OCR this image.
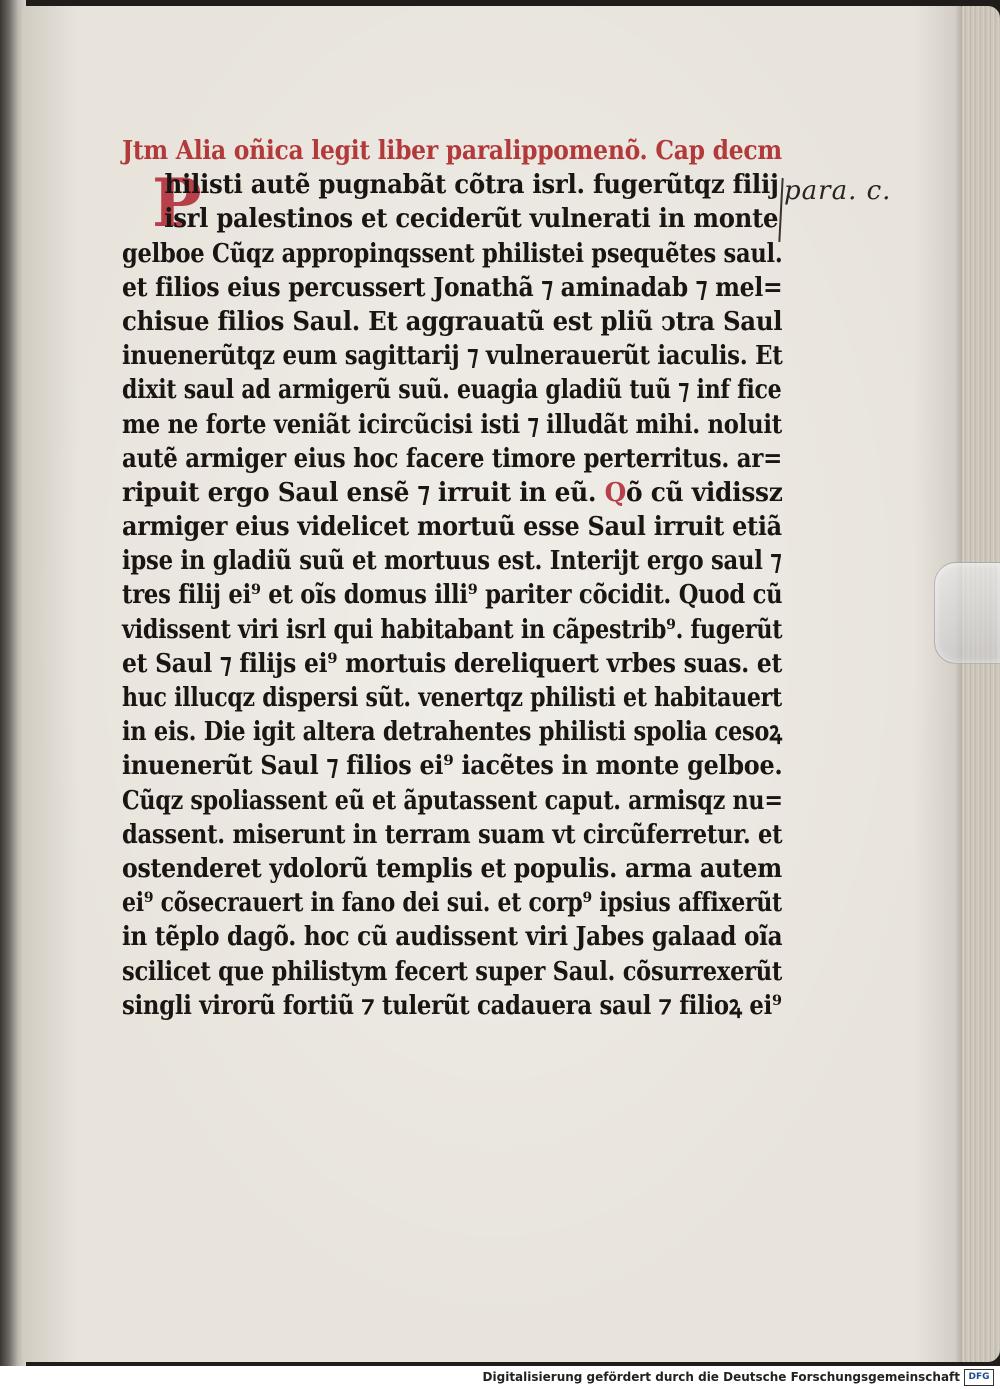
para. c.
Jtm Alia oñica legit liber paralippomenõ. Cap decm
P
hilisti autẽ pugnabãt cõtra isrl. fugerũtqz filij
isrl palestinos et ceciderũt vulnerati in monte
gelboe Cũqz appropinqssent philistei psequẽtes saul.
et filios eius percussert Jonathã ⁊ aminadab ⁊ mel=
chisue filios Saul. Et aggrauatũ est pliũ ↄtra Saul
inuenerũtqz eum sagittarij ⁊ vulnerauerũt iaculis. Et
dixit saul ad armigerũ suũ. euagia gladiũ tuũ ⁊ inf fice
me ne forte veniãt icircũcisi isti ⁊ illudãt mihi. noluit
autẽ armiger eius hoc facere timore perterritus. ar=
ripuit ergo Saul ensẽ ⁊ irruit in eũ. Qõ cũ vidissz
armiger eius videlicet mortuũ esse Saul irruit etiã
ipse in gladiũ suũ et mortuus est. Interijt ergo saul ⁊
tres filij ei⁹ et oĩs domus illi⁹ pariter cõcidit. Quod cũ
vidissent viri isrl qui habitabant in cãpestrib⁹. fugerũt
et Saul ⁊ filijs ei⁹ mortuis dereliquert vrbes suas. et
huc illucqz dispersi sũt. venertqz philisti et habitauert
in eis. Die igit altera detrahentes philisti spolia cesoꝝ
inuenerũt Saul ⁊ filios ei⁹ iacẽtes in monte gelboe.
Cũqz spoliassent eũ et ãputassent caput. armisqz nu=
dassent. miserunt in terram suam vt circũferretur. et
ostenderet ydolorũ templis et populis. arma autem
ei⁹ cõsecrauert in fano dei sui. et corp⁹ ipsius affixerũt
in tẽplo dagõ. hoc cũ audissent viri Jabes galaad oĩa
scilicet que philistym fecert super Saul. cõsurrexerũt
singli virorũ fortiũ ⁊ tulerũt cadauera saul ⁊ filioꝝ ei⁹
Digitalisierung gefördert durch die Deutsche Forschungsgemeinschaft DFG
